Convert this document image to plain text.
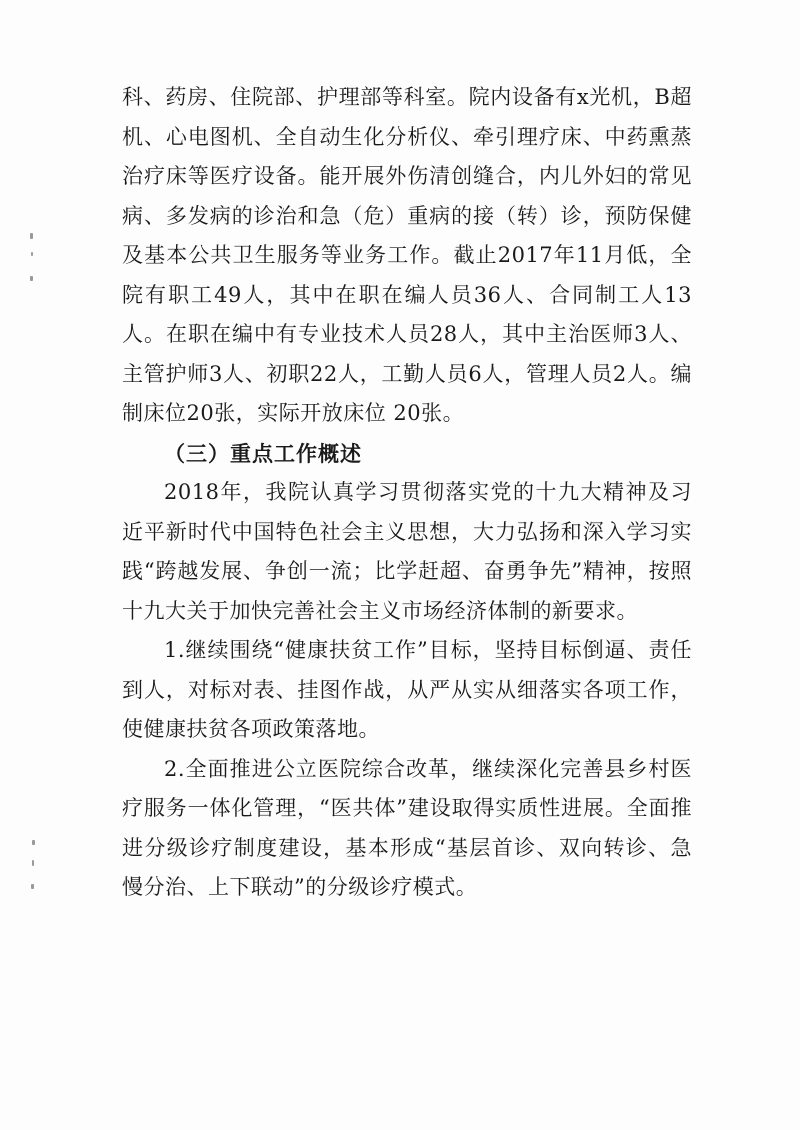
科、药房、住院部、护理部等科室。院内设备有x光机，B超机、心电图机、全自动生化分析仪、牵引理疗床、中药熏蒸治疗床等医疗设备。能开展外伤清创缝合，内儿外妇的常见病、多发病的诊治和急（危）重病的接（转）诊，预防保健及基本公共卫生服务等业务工作。截止2017年11月低，全院有职工49人，其中在职在编人员36人、合同制工人13人。在职在编中有专业技术人员28人，其中主治医师3人、主管护师3人、初职22人，工勤人员6人，管理人员2人。编制床位20张，实际开放床位 20张。

（三）重点工作概述

2018年，我院认真学习贯彻落实党的十九大精神及习近平新时代中国特色社会主义思想，大力弘扬和深入学习实践“跨越发展、争创一流；比学赶超、奋勇争先”精神，按照十九大关于加快完善社会主义市场经济体制的新要求。

1.继续围绕“健康扶贫工作”目标，坚持目标倒逼、责任到人，对标对表、挂图作战，从严从实从细落实各项工作，使健康扶贫各项政策落地。

2.全面推进公立医院综合改革，继续深化完善县乡村医疗服务一体化管理，“医共体”建设取得实质性进展。全面推进分级诊疗制度建设，基本形成“基层首诊、双向转诊、急慢分治、上下联动”的分级诊疗模式。
